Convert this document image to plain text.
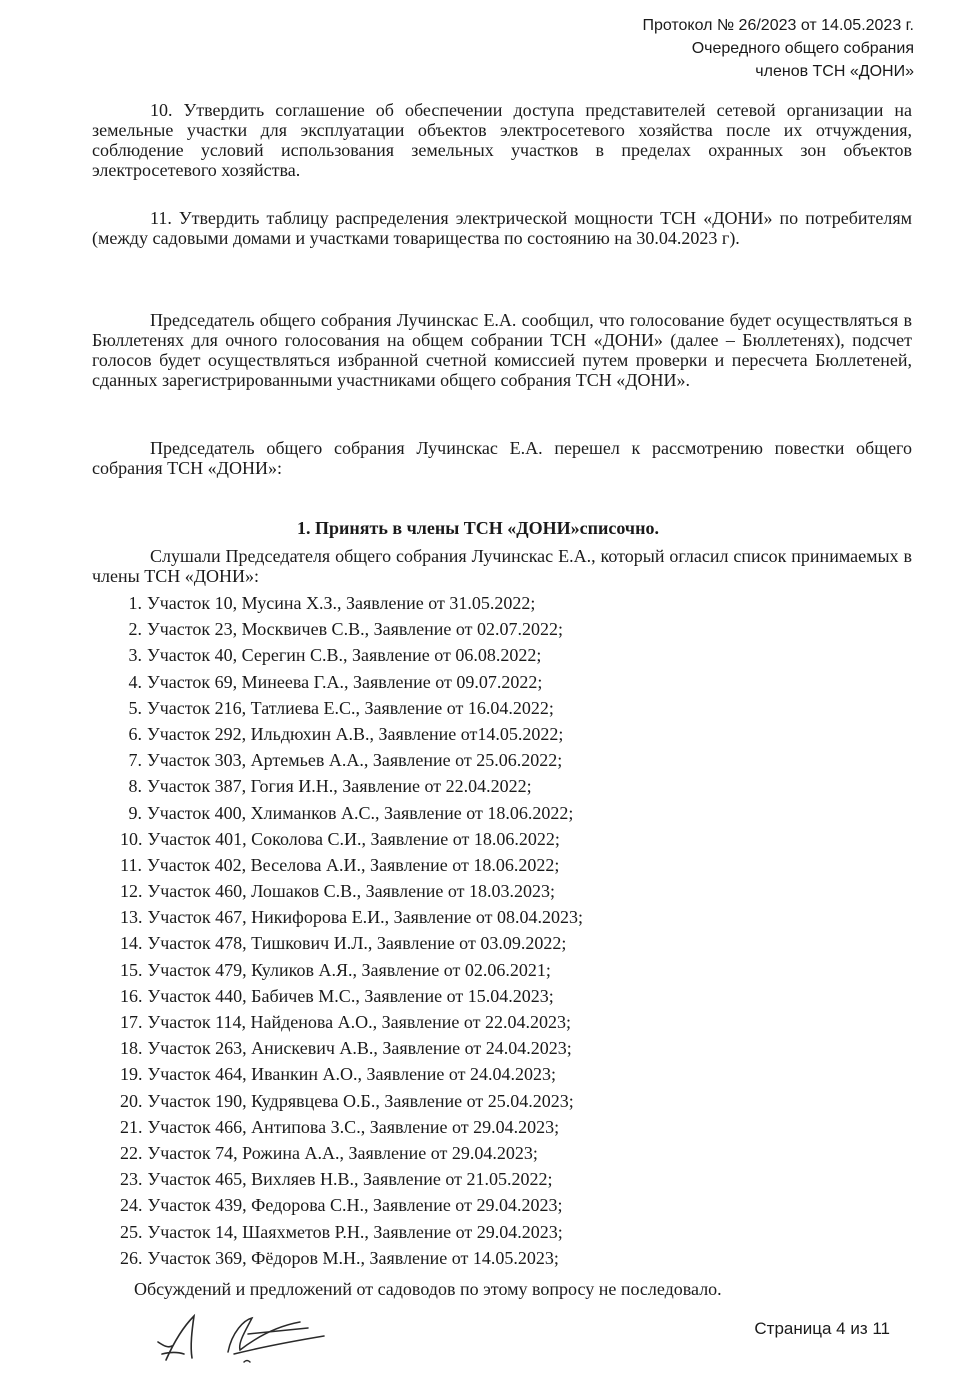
Протокол № 26/2023 от 14.05.2023 г.
Очередного общего собрания
членов ТСН «ДОНИ»
10. Утвердить соглашение об обеспечении доступа представителей сетевой организации на земельные участки для эксплуатации объектов электросетевого хозяйства после их отчуждения, соблюдение условий использования земельных участков в пределах охранных зон объектов электросетевого хозяйства.
11. Утвердить таблицу распределения электрической мощности ТСН «ДОНИ» по потребителям (между садовыми домами и участками товарищества по состоянию на 30.04.2023 г).
Председатель общего собрания Лучинскас Е.А. сообщил, что голосование будет осуществляться в Бюллетенях для очного голосования на общем собрании ТСН «ДОНИ» (далее – Бюллетенях), подсчет голосов будет осуществляться избранной счетной комиссией путем проверки и пересчета Бюллетеней, сданных зарегистрированными участниками общего собрания ТСН «ДОНИ».
Председатель общего собрания Лучинскас Е.А. перешел к рассмотрению повестки общего собрания ТСН «ДОНИ»:
1. Принять в члены ТСН «ДОНИ»списочно.
Слушали Председателя общего собрания Лучинскас Е.А., который огласил список принимаемых в члены ТСН «ДОНИ»:
1. Участок 10, Мусина Х.З., Заявление от 31.05.2022;
2. Участок 23, Москвичев С.В., Заявление от 02.07.2022;
3. Участок 40, Серегин С.В., Заявление от 06.08.2022;
4. Участок 69, Минеева Г.А., Заявление от 09.07.2022;
5. Участок 216, Татлиева Е.С., Заявление от 16.04.2022;
6. Участок 292, Ильдюхин А.В., Заявление от14.05.2022;
7. Участок 303, Артемьев А.А., Заявление от 25.06.2022;
8. Участок 387, Гогия И.Н., Заявление от 22.04.2022;
9. Участок 400, Хлиманков А.С., Заявление от 18.06.2022;
10. Участок 401, Соколова С.И., Заявление от 18.06.2022;
11. Участок 402, Веселова А.И., Заявление от 18.06.2022;
12. Участок 460, Лошаков С.В., Заявление от 18.03.2023;
13. Участок 467, Никифорова Е.И., Заявление от 08.04.2023;
14. Участок 478, Тишкович И.Л., Заявление от 03.09.2022;
15. Участок 479, Куликов А.Я., Заявление от 02.06.2021;
16. Участок 440, Бабичев М.С., Заявление от 15.04.2023;
17. Участок 114, Найденова А.О., Заявление от 22.04.2023;
18. Участок 263, Анискевич А.В., Заявление от 24.04.2023;
19. Участок 464, Иванкин А.О., Заявление от 24.04.2023;
20. Участок 190, Кудрявцева О.Б., Заявление от 25.04.2023;
21. Участок 466, Антипова З.С., Заявление от 29.04.2023;
22. Участок 74, Рожина А.А., Заявление от 29.04.2023;
23. Участок 465, Вихляев Н.В., Заявление от 21.05.2022;
24. Участок 439, Федорова С.Н., Заявление от 29.04.2023;
25. Участок 14, Шаяхметов Р.Н., Заявление от 29.04.2023;
26. Участок 369, Фёдоров М.Н., Заявление от 14.05.2023;
Обсуждений и предложений от садоводов по этому вопросу не последовало.
Страница 4 из 11
